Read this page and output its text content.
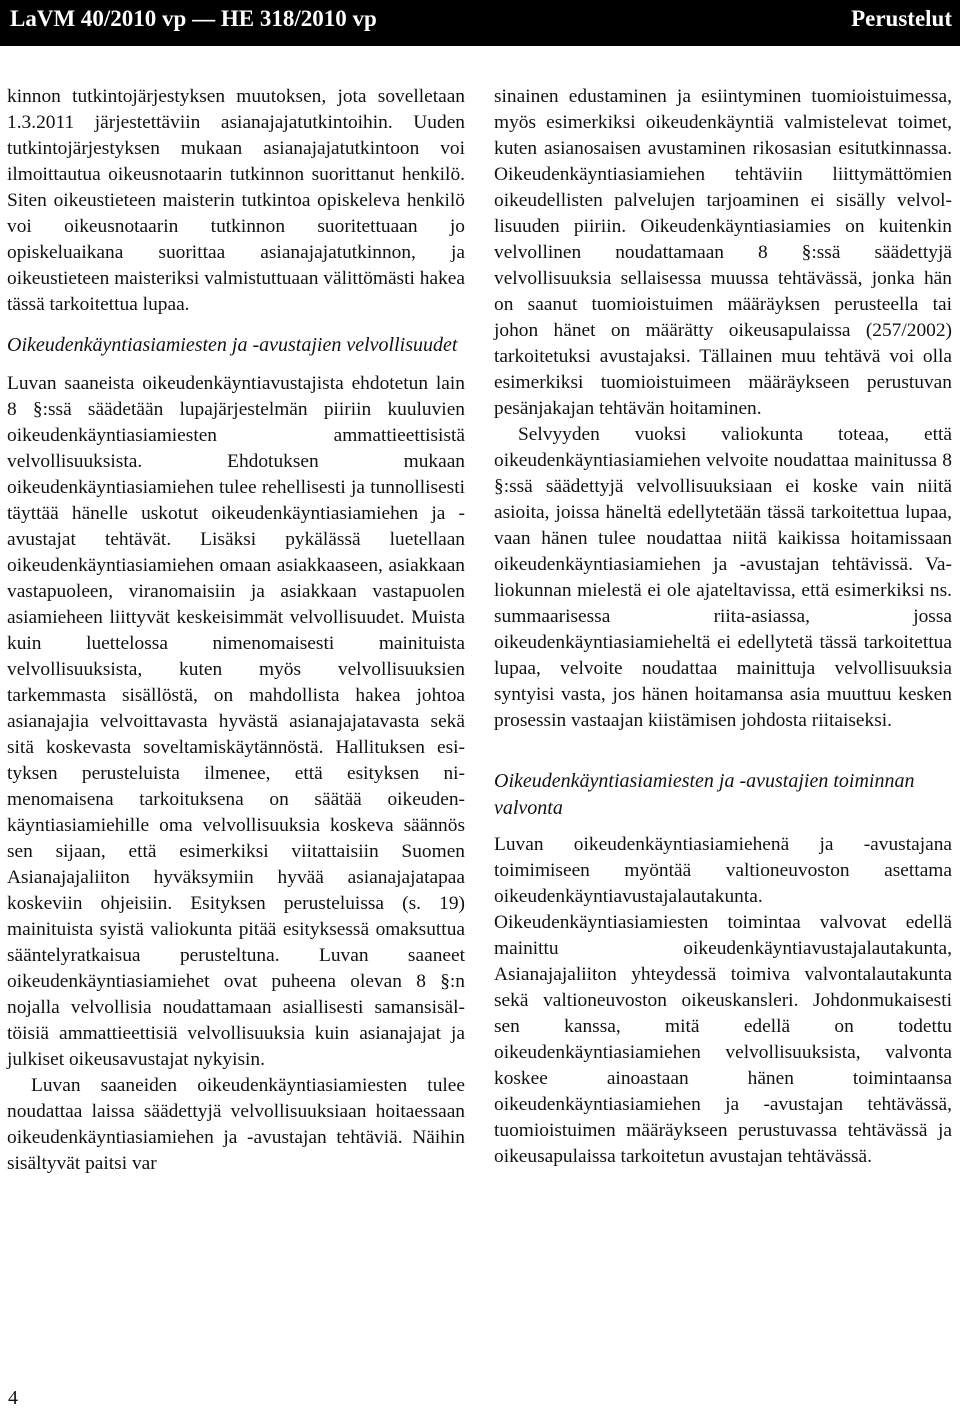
LaVM 40/2010 vp — HE 318/2010 vp	Perustelut

kinnon tutkintojärjestyksen muutoksen, jota sovelletaan 1.3.2011 järjestettäviin asianajajatutkintoihin. Uuden tutkintojärjestyksen mukaan asianajajatutkintoon voi ilmoittautua oikeusnotaarin tutkinnon suorittanut henkilö. Siten oikeustieteen maisterin tutkintoa opiskeleva henkilö voi oikeusnotaarin tutkinnon suoritettuaan jo opiskeluaikana suorittaa asianajajatutkinnon, ja oikeustieteen maisteriksi valmistuttuaan välittömästi hakea tässä tarkoitettua lupaa.

Oikeudenkäyntiasiamiesten ja -avustajien velvollisuudet

Luvan saaneista oikeudenkäyntiavustajista ehdotetun lain 8 §:ssä säädetään lupajärjestelmän piiriin kuuluvien oikeudenkäyntiasiamiesten ammattieettisistä velvollisuuksista. Ehdotuksen mukaan oikeudenkäyntiasiamiehen tulee rehellisesti ja tunnollisesti täyttää hänelle uskotut oikeudenkäyntiasiamiehen ja -avustajat tehtävät. Lisäksi pykälässä luetellaan oikeudenkäyntiasiamiehen omaan asiakkaaseen, asiakkaan vastapuoleen, viranomaisiin ja asiakkaan vastapuolen asiamieheen liittyvät keskeisimmät velvollisuudet. Muista kuin luettelossa nimenomaisesti mainituista velvollisuuksista, kuten myös velvollisuuksien tarkemmasta sisällöstä, on mahdollista hakea johtoa asianajajia velvoittavasta hyvästä asianajajatavasta sekä sitä koskevasta soveltamiskäytännöstä. Hallituksen esityksen perusteluista ilmenee, että esityksen nimenomaisena tarkoituksena on säätää oikeudenkäyntiasiamiehille oma velvollisuuksia koskeva säännös sen sijaan, että esimerkiksi viitattaisiin Suomen Asianajajaliiton hyväksymiin hyvää asianajajatapaa koskeviin ohjeisiin. Esityksen perusteluissa (s. 19) mainituista syistä valiokunta pitää esityksessä omaksuttua sääntelyratkaisua perusteltuna. Luvan saaneet oikeudenkäyntiasiamiehet ovat puheena olevan 8 §:n nojalla velvollisia noudattamaan asiallisesti samansisältöisiä ammattieettisiä velvollisuuksia kuin asianajajat ja julkiset oikeusavustajat nykyisin.

Luvan saaneiden oikeudenkäyntiasiamiesten tulee noudattaa laissa säädettyjä velvollisuuksiaan hoitaessaan oikeudenkäyntiasiamiehen ja -avustajan tehtäviä. Näihin sisältyvät paitsi var

sinainen edustaminen ja esiintyminen tuomioistuimessa, myös esimerkiksi oikeudenkäyntiä valmistelevat toimet, kuten asianosaisen avustaminen rikosasian esitutkinnassa. Oikeudenkäyntiasiamiehen tehtäviin liittymättömien oikeudellisten palvelujen tarjoaminen ei sisälly velvollisuuden piiriin. Oikeudenkäyntiasiamies on kuitenkin velvollinen noudattamaan 8 §:ssä säädettyjä velvollisuuksia sellaisessa muussa tehtävässä, jonka hän on saanut tuomioistuimen määräyksen perusteella tai johon hänet on määrätty oikeusapulaissa (257/2002) tarkoitetuksi avustajaksi. Tällainen muu tehtävä voi olla esimerkiksi tuomioistuimeen määräykseen perustuvan pesänjakajan tehtävän hoitaminen.

Selvyyden vuoksi valiokunta toteaa, että oikeudenkäyntiasiamiehen velvoite noudattaa mainitussa 8 §:ssä säädettyjä velvollisuuksiaan ei koske vain niitä asioita, joissa häneltä edellytetään tässä tarkoitettua lupaa, vaan hänen tulee noudattaa niitä kaikissa hoitamissaan oikeudenkäyntiasiamiehen ja -avustajan tehtävissä. Valiokunnan mielestä ei ole ajateltavissa, että esimerkiksi ns. summaarisessa riita-asiassa, jossa oikeudenkäyntiasiamieheltä ei edellytetä tässä tarkoitettua lupaa, velvoite noudattaa mainittuja velvollisuuksia syntyisi vasta, jos hänen hoitamansa asia muuttuu kesken prosessin vastaajan kiistämisen johdosta riitaiseksi.

Oikeudenkäyntiasiamiesten ja -avustajien toiminnan valvonta

Luvan oikeudenkäyntiasiamiehenä ja -avustajana toimimiseen myöntää valtioneuvoston asettama oikeudenkäyntiavustajalautakunta. Oikeudenkäyntiasiamiesten toimintaa valvovat edellä mainittu oikeudenkäyntiavustajalautakunta, Asianajajaliiton yhteydessä toimiva valvontalautakunta sekä valtioneuvoston oikeuskansleri. Johdonmukaisesti sen kanssa, mitä edellä on todettu oikeudenkäyntiasiamiehen velvollisuuksista, valvonta koskee ainoastaan hänen toimintaansa oikeudenkäyntiasiamiehen ja -avustajan tehtävässä, tuomioistuimen määräykseen perustuvassa tehtävässä ja oikeusapulaissa tarkoitetun avustajan tehtävässä.

4
